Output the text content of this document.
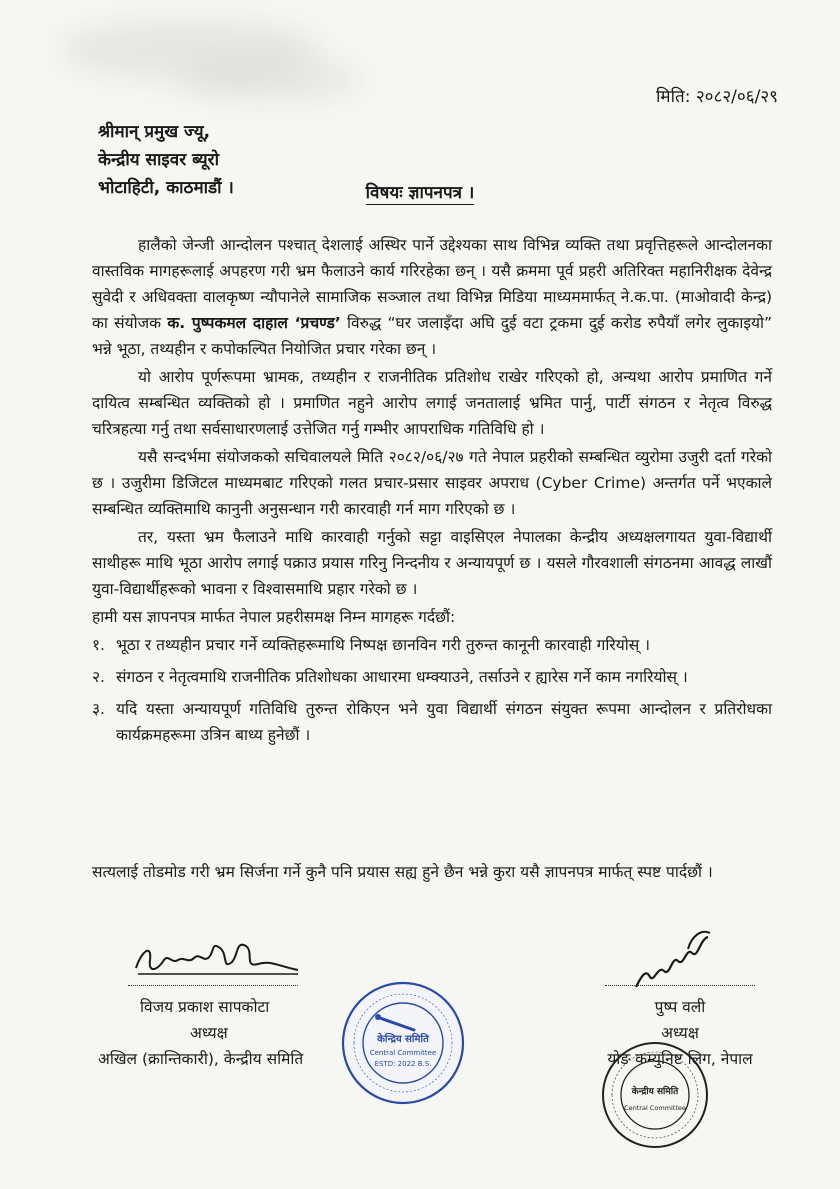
मिति: २०८२/०६/२९
श्रीमान् प्रमुख ज्यू,
केन्द्रीय साइवर ब्यूरो
भोटाहिटी, काठमाडौं ।	विषयः ज्ञापनपत्र ।

हालैको जेन्जी आन्दोलन पश्चात् देशलाई अस्थिर पार्ने उद्देश्यका साथ विभिन्न व्यक्ति तथा प्रवृत्तिहरूले आन्दोलनका वास्तविक मागहरूलाई अपहरण गरी भ्रम फैलाउने कार्य गरिरहेका छन् । यसै क्रममा पूर्व प्रहरी अतिरिक्त महानिरीक्षक देवेन्द्र सुवेदी र अधिवक्ता वालकृष्ण न्यौपानेले सामाजिक सञ्जाल तथा विभिन्न मिडिया माध्यममार्फत् ने.क.पा. (माओवादी केन्द्र) का संयोजक क. पुष्पकमल दाहाल ‘प्रचण्ड’ विरुद्ध “घर जलाइँदा अघि दुई वटा ट्रकमा दुई करोड रुपैयाँ लगेर लुकाइयो” भन्ने भूठा, तथ्यहीन र कपोकल्पित नियोजित प्रचार गरेका छन् ।

यो आरोप पूर्णरूपमा भ्रामक, तथ्यहीन र राजनीतिक प्रतिशोध राखेर गरिएको हो, अन्यथा आरोप प्रमाणित गर्ने दायित्व सम्बन्धित व्यक्तिको हो । प्रमाणित नहुने आरोप लगाई जनतालाई भ्रमित पार्नु, पार्टी संगठन र नेतृत्व विरुद्ध चरित्रहत्या गर्नु तथा सर्वसाधारणलाई उत्तेजित गर्नु गम्भीर आपराधिक गतिविधि हो ।

यसै सन्दर्भमा संयोजकको सचिवालयले मिति २०८२/०६/२७ गते नेपाल प्रहरीको सम्बन्धित व्युरोमा उजुरी दर्ता गरेको छ । उजुरीमा डिजिटल माध्यमबाट गरिएको गलत प्रचार-प्रसार साइवर अपराध (Cyber Crime) अन्तर्गत पर्ने भएकाले सम्बन्धित व्यक्तिमाथि कानुनी अनुसन्धान गरी कारवाही गर्न माग गरिएको छ ।

तर, यस्ता भ्रम फैलाउने माथि कारवाही गर्नुको सट्टा वाइसिएल नेपालका केन्द्रीय अध्यक्षलगायत युवा-विद्यार्थी साथीहरू माथि भूठा आरोप लगाई पक्राउ प्रयास गरिनु निन्दनीय र अन्यायपूर्ण छ । यसले गौरवशाली संगठनमा आवद्ध लाखौं युवा-विद्यार्थीहरूको भावना र विश्वासमाथि प्रहार गरेको छ ।

हामी यस ज्ञापनपत्र मार्फत नेपाल प्रहरीसमक्ष निम्न मागहरू गर्दछौं:

१. भूठा र तथ्यहीन प्रचार गर्ने व्यक्तिहरूमाथि निष्पक्ष छानविन गरी तुरुन्त कानूनी कारवाही गरियोस् ।
२. संगठन र नेतृत्वमाथि राजनीतिक प्रतिशोधका आधारमा धम्क्याउने, तर्साउने र ह्यारेस गर्ने काम नगरियोस् ।
३. यदि यस्ता अन्यायपूर्ण गतिविधि तुरुन्त रोकिएन भने युवा विद्यार्थी संगठन संयुक्त रूपमा आन्दोलन र प्रतिरोधका कार्यक्रमहरूमा उत्रिन बाध्य हुनेछौं ।
सत्यलाई तोडमोड गरी भ्रम सिर्जना गर्ने कुनै पनि प्रयास सह्य हुने छैन भन्ने कुरा यसै ज्ञापनपत्र मार्फत् स्पष्ट पार्दछौं ।
विजय प्रकाश सापकोटा
अध्यक्ष
अखिल (क्रान्तिकारी), केन्द्रीय समिति
पुष्प वली
अध्यक्ष
योङ कम्युनिष्ट लिग, नेपाल
केन्द्रिय समिति
Central Committee
ESTD: 2022 B.S.
केन्द्रीय समिति
Central Committee
